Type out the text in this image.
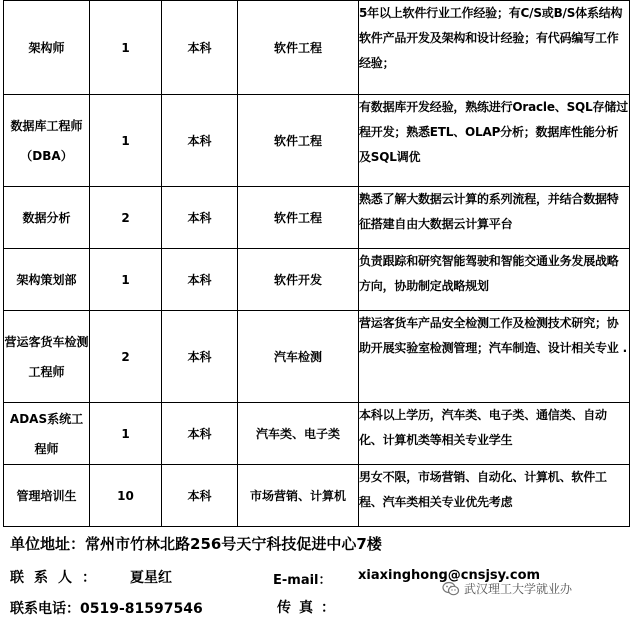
架构师	1	本科	软件工程	5年以上软件行业工作经验；有C/S或B/S体系结构软件产品开发及架构和设计经验；有代码编写工作经验；
数据库工程师（DBA）	1	本科	软件工程	有数据库开发经验，熟练进行Oracle、SQL存储过程开发；熟悉ETL、OLAP分析；数据库性能分析及SQL调优
数据分析	2	本科	软件工程	熟悉了解大数据云计算的系列流程，并结合数据特征搭建自由大数据云计算平台
架构策划部	1	本科	软件开发	负责跟踪和研究智能驾驶和智能交通业务发展战略方向，协助制定战略规划
营运客货车检测工程师	2	本科	汽车检测	营运客货车产品安全检测工作及检测技术研究；协助开展实验室检测管理；汽车制造、设计相关专业 .
ADAS系统工程师	1	本科	汽车类、电子类	本科以上学历，汽车类、电子类、通信类、自动化、计算机类等相关专业学生
管理培训生	10	本科	市场营销、计算机	男女不限，市场营销、自动化、计算机、软件工程、汽车类相关专业优先考虑
单位地址：常州市竹林北路256号天宁科技促进中心7楼
联系人： 夏星红	E-mail： xiaxinghong@cnsjsy.com
联系电话：0519-81597546	传真：
武汉理工大学就业办
